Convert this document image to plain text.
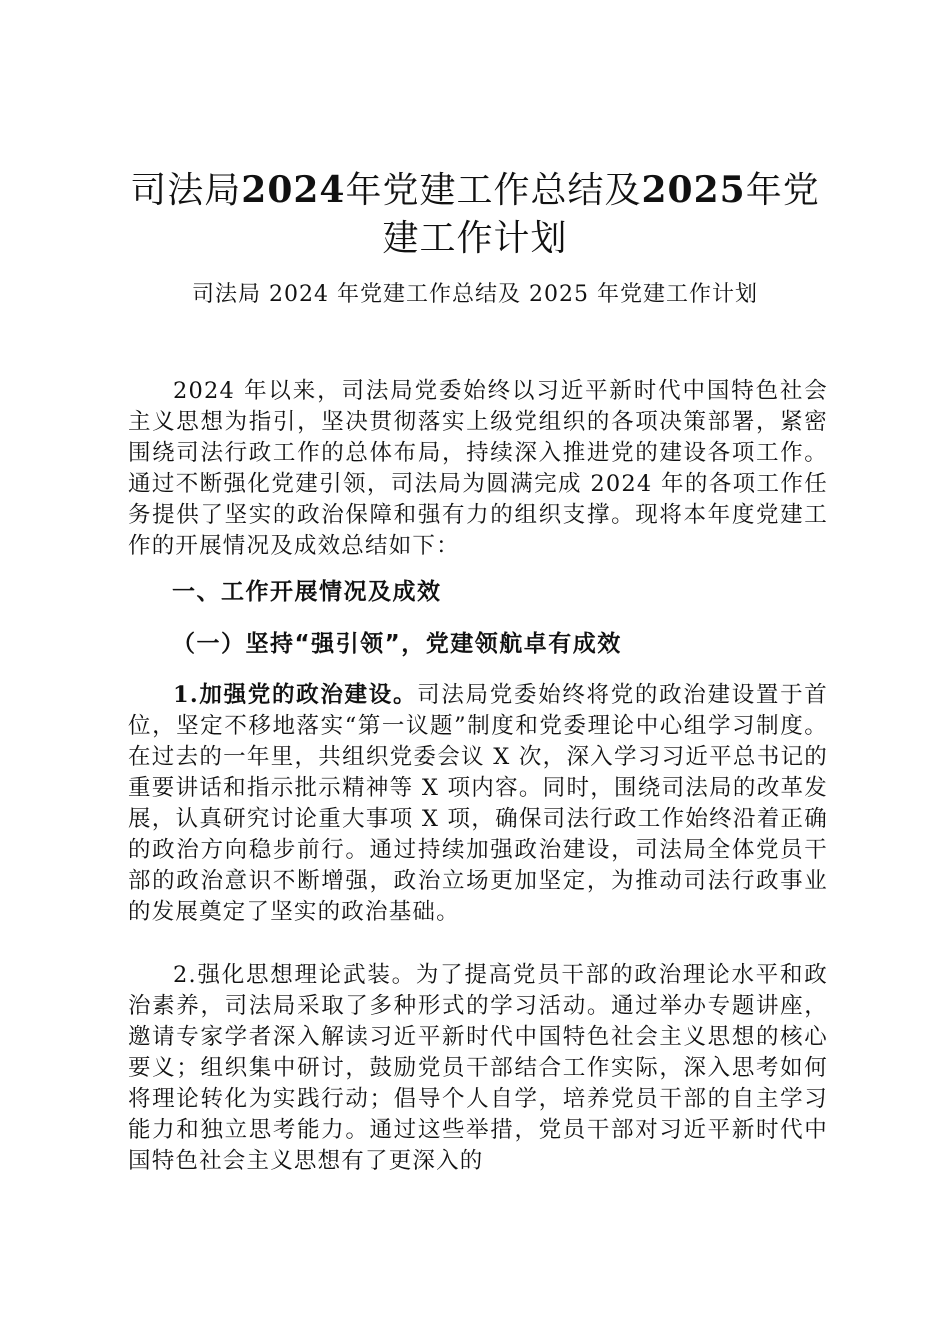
司法局2024年党建工作总结及2025年党建工作计划

司法局 2024 年党建工作总结及 2025 年党建工作计划

2024 年以来，司法局党委始终以习近平新时代中国特色社会主义思想为指引，坚决贯彻落实上级党组织的各项决策部署，紧密围绕司法行政工作的总体布局，持续深入推进党的建设各项工作。通过不断强化党建引领，司法局为圆满完成 2024 年的各项工作任务提供了坚实的政治保障和强有力的组织支撑。现将本年度党建工作的开展情况及成效总结如下：

一、工作开展情况及成效
（一）坚持“强引领”，党建领航卓有成效

1.加强党的政治建设。司法局党委始终将党的政治建设置于首位，坚定不移地落实“第一议题”制度和党委理论中心组学习制度。在过去的一年里，共组织党委会议 X 次，深入学习习近平总书记的重要讲话和指示批示精神等 X 项内容。同时，围绕司法局的改革发展，认真研究讨论重大事项 X 项，确保司法行政工作始终沿着正确的政治方向稳步前行。通过持续加强政治建设，司法局全体党员干部的政治意识不断增强，政治立场更加坚定，为推动司法行政事业的发展奠定了坚实的政治基础。

2.强化思想理论武装。为了提高党员干部的政治理论水平和政治素养，司法局采取了多种形式的学习活动。通过举办专题讲座，邀请专家学者深入解读习近平新时代中国特色社会主义思想的核心要义；组织集中研讨，鼓励党员干部结合工作实际，深入思考如何将理论转化为实践行动；倡导个人自学，培养党员干部的自主学习能力和独立思考能力。通过这些举措，党员干部对习近平新时代中国特色社会主义思想有了更深入的
